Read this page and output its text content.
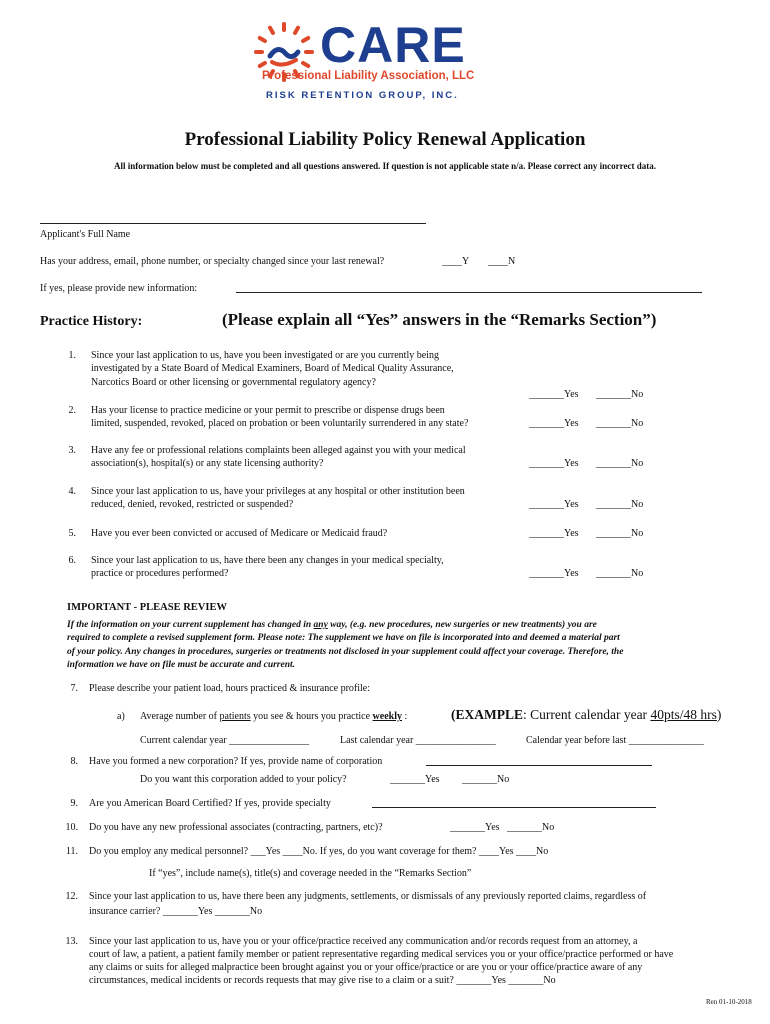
CARE
Professional Liability Association, LLC
RISK RETENTION GROUP, INC.
Professional Liability Policy Renewal Application
All information below must be completed and all questions answered. If question is not applicable state n/a. Please correct any incorrect data.
Applicant's Full Name
Has your address, email, phone number, or specialty changed since your last renewal?	____Y ____N
If yes, please provide new information:
Practice History:	(Please explain all “Yes” answers in the “Remarks Section”)
1. Since your last application to us, have you been investigated or are you currently being
investigated by a State Board of Medical Examiners, Board of Medical Quality Assurance,
Narcotics Board or other licensing or governmental regulatory agency?
_______Yes _______No
2. Has your license to practice medicine or your permit to prescribe or dispense drugs been
limited, suspended, revoked, placed on probation or been voluntarily surrendered in any state?	_______Yes _______No
3. Have any fee or professional relations complaints been alleged against you with your medical
association(s), hospital(s) or any state licensing authority?	_______Yes _______No
4. Since your last application to us, have your privileges at any hospital or other institution been
reduced, denied, revoked, restricted or suspended?	_______Yes _______No
5. Have you ever been convicted or accused of Medicare or Medicaid fraud?	_______Yes _______No
6. Since your last application to us, have there been any changes in your medical specialty,
practice or procedures performed?	_______Yes _______No
IMPORTANT - PLEASE REVIEW
If the information on your current supplement has changed in any way, (e.g. new procedures, new surgeries or new treatments) you are
required to complete a revised supplement form. Please note: The supplement we have on file is incorporated into and deemed a material part
of your policy. Any changes in procedures, surgeries or treatments not disclosed in your supplement could affect your coverage. Therefore, the
information we have on file must be accurate and current.
7. Please describe your patient load, hours practiced & insurance profile:
a) Average number of patients you see & hours you practice weekly :	(EXAMPLE: Current calendar year 40pts/48 hrs)
Current calendar year ________________	Last calendar year ________________	Calendar year before last _______________
8. Have you formed a new corporation? If yes, provide name of corporation
Do you want this corporation added to your policy?	_______Yes _______No
9. Are you American Board Certified? If yes, provide specialty
10. Do you have any new professional associates (contracting, partners, etc)?	_______Yes _______No
11. Do you employ any medical personnel? ___Yes ____No. If yes, do you want coverage for them? ____Yes ____No
If “yes”, include name(s), title(s) and coverage needed in the “Remarks Section”
12. Since your last application to us, have there been any judgments, settlements, or dismissals of any previously reported claims, regardless of
insurance carrier? _______Yes _______No
13. Since your last application to us, have you or your office/practice received any communication and/or records request from an attorney, a
court of law, a patient, a patient family member or patient representative regarding medical services you or your office/practice performed or have
any claims or suits for alleged malpractice been brought against you or your office/practice or are you or your office/practice aware of any
circumstances, medical incidents or records requests that may give rise to a claim or a suit? _______Yes _______No
Ren 01-10-2018
